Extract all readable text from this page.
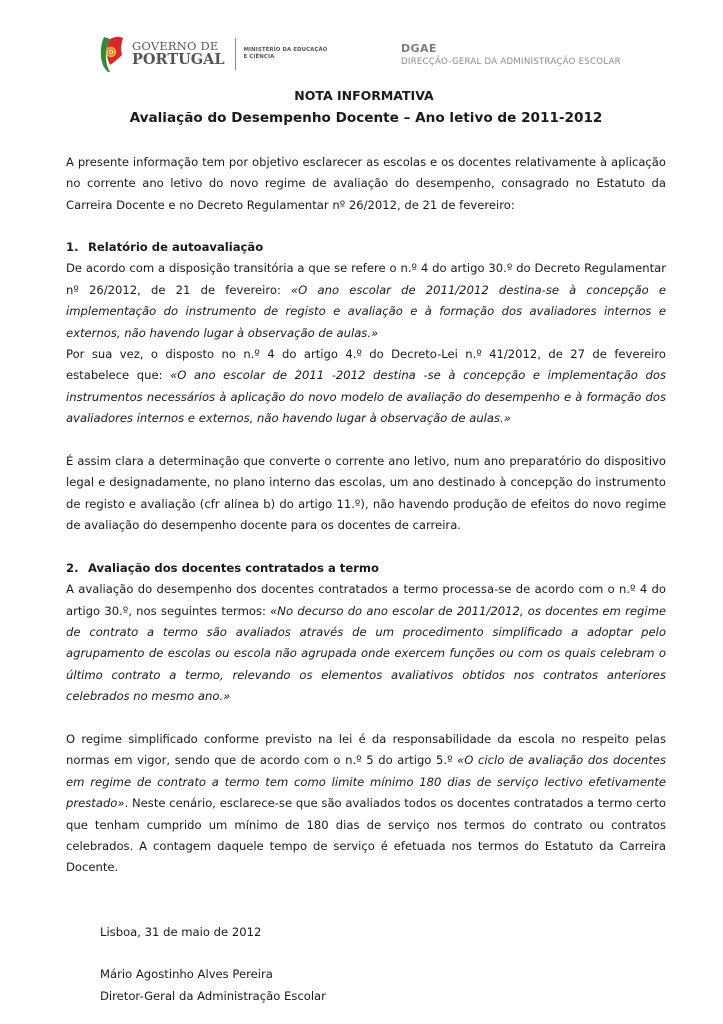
GOVERNO DE
PORTUGAL
MINISTÉRIO DA EDUCAÇÃO
E CIÊNCIA
DGAE
DIRECÇÃO-GERAL DA ADMINISTRAÇÃO ESCOLAR
NOTA INFORMATIVA
Avaliação do Desempenho Docente – Ano letivo de 2011-2012

A presente informação tem por objetivo esclarecer as escolas e os docentes relativamente à aplicação no corrente ano letivo do novo regime de avaliação do desempenho, consagrado no Estatuto da Carreira Docente e no Decreto Regulamentar nº 26/2012, de 21 de fevereiro:

1. Relatório de autoavaliação

De acordo com a disposição transitória a que se refere o n.º 4 do artigo 30.º do Decreto Regulamentar nº 26/2012, de 21 de fevereiro: «O ano escolar de 2011/2012 destina-se à concepção e implementação do instrumento de registo e avaliação e à formação dos avaliadores internos e externos, não havendo lugar à observação de aulas.»

Por sua vez, o disposto no n.º 4 do artigo 4.º do Decreto-Lei n.º 41/2012, de 27 de fevereiro estabelece que: «O ano escolar de 2011 -2012 destina -se à concepção e implementação dos instrumentos necessários à aplicação do novo modelo de avaliação do desempenho e à formação dos avaliadores internos e externos, não havendo lugar à observação de aulas.»

É assim clara a determinação que converte o corrente ano letivo, num ano preparatório do dispositivo legal e designadamente, no plano interno das escolas, um ano destinado à concepção do instrumento de registo e avaliação (cfr alínea b) do artigo 11.º), não havendo produção de efeitos do novo regime de avaliação do desempenho docente para os docentes de carreira.

2. Avaliação dos docentes contratados a termo

A avaliação do desempenho dos docentes contratados a termo processa-se de acordo com o n.º 4 do artigo 30.º, nos seguintes termos: «No decurso do ano escolar de 2011/2012, os docentes em regime de contrato a termo são avaliados através de um procedimento simplificado a adoptar pelo agrupamento de escolas ou escola não agrupada onde exercem funções ou com os quais celebram o último contrato a termo, relevando os elementos avaliativos obtidos nos contratos anteriores celebrados no mesmo ano.»

O regime simplificado conforme previsto na lei é da responsabilidade da escola no respeito pelas normas em vigor, sendo que de acordo com o n.º 5 do artigo 5.º «O ciclo de avaliação dos docentes em regime de contrato a termo tem como limite mínimo 180 dias de serviço lectivo efetivamente prestado». Neste cenário, esclarece-se que são avaliados todos os docentes contratados a termo certo que tenham cumprido um mínimo de 180 dias de serviço nos termos do contrato ou contratos celebrados. A contagem daquele tempo de serviço é efetuada nos termos do Estatuto da Carreira Docente.

Lisboa, 31 de maio de 2012
Mário Agostinho Alves Pereira
Diretor-Geral da Administração Escolar
